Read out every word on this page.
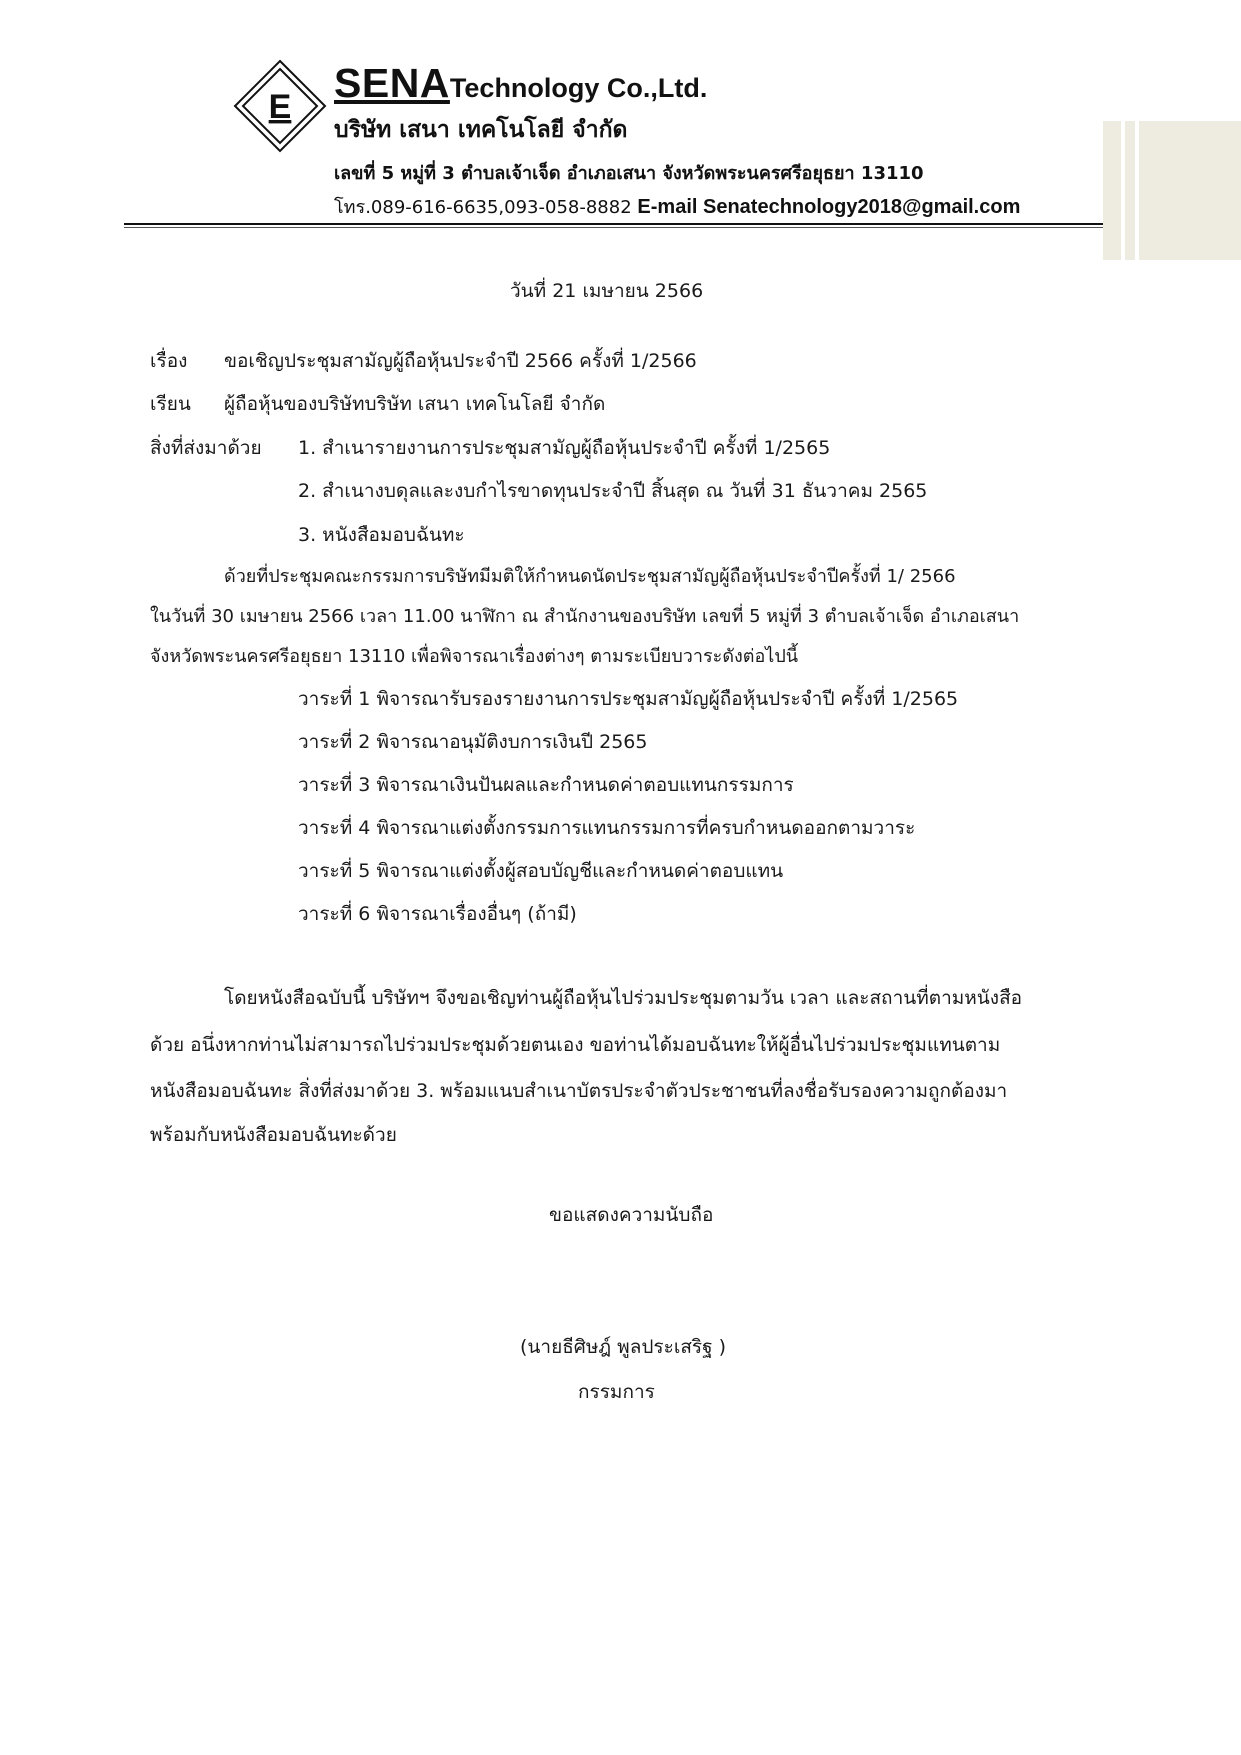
E
SENATechnology Co.,Ltd.
บริษัท เสนา เทคโนโลยี จำกัด
เลขที่ 5 หมู่ที่ 3 ตำบลเจ้าเจ็ด อำเภอเสนา จังหวัดพระนครศรีอยุธยา 13110
โทร.089-616-6635,093-058-8882 E-mail Senatechnology2018@gmail.com
วันที่ 21 เมษายน 2566
เรื่อง ขอเชิญประชุมสามัญผู้ถือหุ้นประจำปี 2566 ครั้งที่ 1/2566
เรียน ผู้ถือหุ้นของบริษัทบริษัท เสนา เทคโนโลยี จำกัด
สิ่งที่ส่งมาด้วย 1. สำเนารายงานการประชุมสามัญผู้ถือหุ้นประจำปี ครั้งที่ 1/2565
2. สำเนางบดุลและงบกำไรขาดทุนประจำปี สิ้นสุด ณ วันที่ 31 ธันวาคม 2565
3. หนังสือมอบฉันทะ
ด้วยที่ประชุมคณะกรรมการบริษัทมีมติให้กำหนดนัดประชุมสามัญผู้ถือหุ้นประจำปีครั้งที่ 1/ 2566
ในวันที่ 30 เมษายน 2566 เวลา 11.00 นาฬิกา ณ สำนักงานของบริษัท เลขที่ 5 หมู่ที่ 3 ตำบลเจ้าเจ็ด อำเภอเสนา
จังหวัดพระนครศรีอยุธยา 13110 เพื่อพิจารณาเรื่องต่างๆ ตามระเบียบวาระดังต่อไปนี้
วาระที่ 1 พิจารณารับรองรายงานการประชุมสามัญผู้ถือหุ้นประจำปี ครั้งที่ 1/2565
วาระที่ 2 พิจารณาอนุมัติงบการเงินปี 2565
วาระที่ 3 พิจารณาเงินปันผลและกำหนดค่าตอบแทนกรรมการ
วาระที่ 4 พิจารณาแต่งตั้งกรรมการแทนกรรมการที่ครบกำหนดออกตามวาระ
วาระที่ 5 พิจารณาแต่งตั้งผู้สอบบัญชีและกำหนดค่าตอบแทน
วาระที่ 6 พิจารณาเรื่องอื่นๆ (ถ้ามี)
โดยหนังสือฉบับนี้ บริษัทฯ จึงขอเชิญท่านผู้ถือหุ้นไปร่วมประชุมตามวัน เวลา และสถานที่ตามหนังสือ
ด้วย อนึ่งหากท่านไม่สามารถไปร่วมประชุมด้วยตนเอง ขอท่านได้มอบฉันทะให้ผู้อื่นไปร่วมประชุมแทนตาม
หนังสือมอบฉันทะ สิ่งที่ส่งมาด้วย 3. พร้อมแนบสำเนาบัตรประจำตัวประชาชนที่ลงชื่อรับรองความถูกต้องมา
พร้อมกับหนังสือมอบฉันทะด้วย
ขอแสดงความนับถือ
(นายธีศิษฎ์ พูลประเสริฐ )
กรรมการ
